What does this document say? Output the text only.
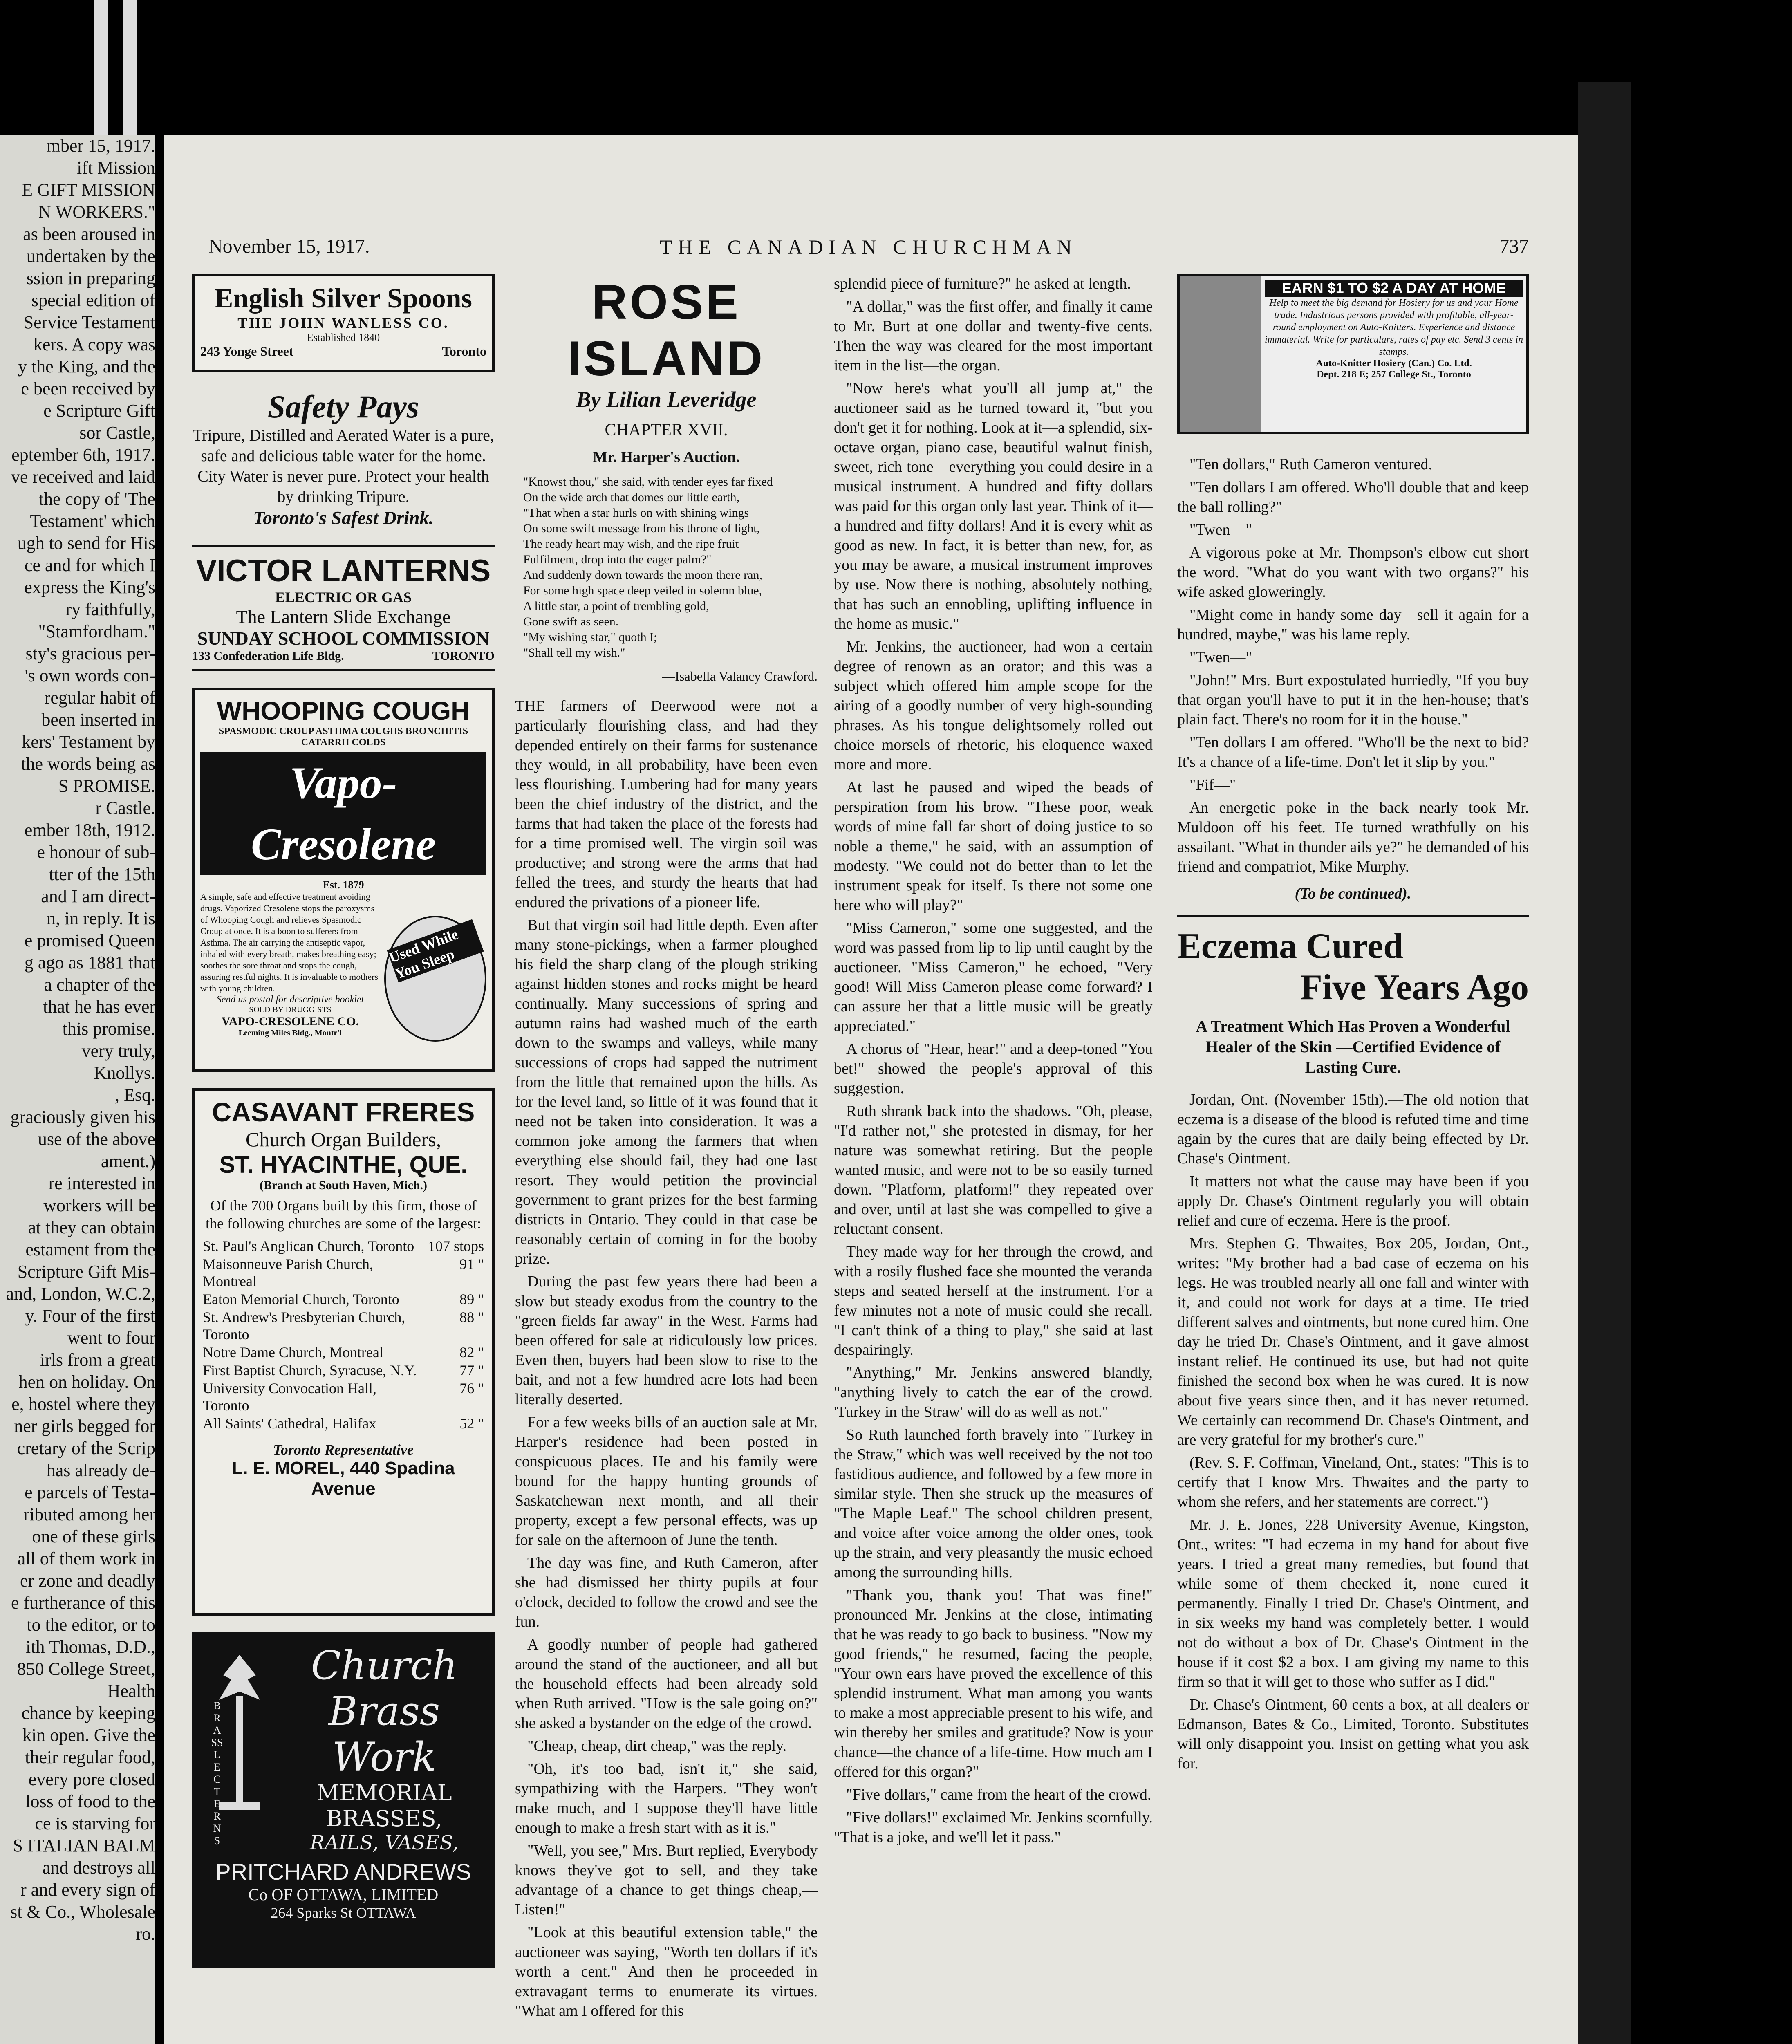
mber 15, 1917.
ift Mission
E GIFT MISSION
N WORKERS."
as been aroused in
undertaken by the
ssion in preparing
special edition of
Service Testament
kers. A copy was
y the King, and the
e been received by
e Scripture Gift
sor Castle,
eptember 6th, 1917.
ve received and laid
the copy of 'The
Testament' which
ugh to send for His
ce and for which I
express the King's
ry faithfully,
"Stamfordham."
sty's gracious per-
's own words con-
regular habit of
been inserted in
kers' Testament by
the words being as
S PROMISE.
r Castle.
ember 18th, 1912.
e honour of sub-
tter of the 15th
and I am direct-
n, in reply. It is
e promised Queen
g ago as 1881 that
a chapter of the
that he has ever
this promise.
very truly,
Knollys.
, Esq.
graciously given his
use of the above
ament.)
re interested in
workers will be
at they can obtain
estament from the
Scripture Gift Mis-
and, London, W.C.2,
y. Four of the first
went to four
irls from a great
hen on holiday. On
e, hostel where they
ner girls begged for
cretary of the Scrip
has already de-
e parcels of Testa-
ributed among her
one of these girls
all of them work in
er zone and deadly
e furtherance of this
to the editor, or to
ith Thomas, D.D.,
850 College Street,
Health
chance by keeping
kin open. Give the
their regular food,
every pore closed
loss of food to the
ce is starving for
S ITALIAN BALM
and destroys all
r and every sign of
st & Co., Wholesale
ro.
November 15, 1917.	THE CANADIAN CHURCHMAN	737
English Silver Spoons
THE JOHN WANLESS CO.
Established 1840
243 Yonge Street	Toronto
Safety Pays
Tripure, Distilled and Aerated Water is a pure, safe and delicious table water for the home. City Water is never pure. Protect your health by drinking Tripure.
Toronto's Safest Drink.
VICTOR LANTERNS
ELECTRIC OR GAS
The Lantern Slide Exchange
SUNDAY SCHOOL COMMISSION
133 Confederation Life Bldg.	TORONTO
WHOOPING COUGH
SPASMODIC CROUP ASTHMA COUGHS BRONCHITIS CATARRH COLDS
24
Vapo-Cresolene
Est. 1879
A simple, safe and effective treatment avoiding drugs. Vaporized Cresolene stops the paroxysms of Whooping Cough and relieves Spasmodic Croup at once. It is a boon to sufferers from Asthma. The air carrying the antiseptic vapor, inhaled with every breath, makes breathing easy; soothes the sore throat and stops the cough, assuring restful nights. It is invaluable to mothers with young children.
Send us postal for descriptive booklet
SOLD BY DRUGGISTS
VAPO-CRESOLENE CO.
Leeming Miles Bldg., Montr'l
Used While You Sleep
CASAVANT FRERES
Church Organ Builders,
ST. HYACINTHE, QUE.
(Branch at South Haven, Mich.)
Of the 700 Organs built by this firm, those of the following churches are some of the largest:
St. Paul's Anglican Church, Toronto	107 stops
Maisonneuve Parish Church, Montreal	91 "
Eaton Memorial Church, Toronto	89 "
St. Andrew's Presbyterian Church, Toronto	88 "
Notre Dame Church, Montreal	82 "
First Baptist Church, Syracuse, N.Y.	77 "
University Convocation Hall, Toronto	76 "
All Saints' Cathedral, Halifax	52 "
Toronto Representative
L. E. MOREL, 440 Spadina Avenue
BRASS LECTERNS
Church
Brass
Work
MEMORIAL
BRASSES,
RAILS, VASES,
PRITCHARD ANDREWS
Co OF OTTAWA, LIMITED
264 Sparks St OTTAWA
ROSE ISLAND
By Lilian Leveridge
CHAPTER XVII.
Mr. Harper's Auction.
"Knowst thou," she said, with tender eyes far fixed
On the wide arch that domes our little earth,
"That when a star hurls on with shining wings
On some swift message from his throne of light,
The ready heart may wish, and the ripe fruit
Fulfilment, drop into the eager palm?"
And suddenly down towards the moon there ran,
For some high space deep veiled in solemn blue,
A little star, a point of trembling gold,
Gone swift as seen.
"My wishing star," quoth I;
"Shall tell my wish."
—Isabella Valancy Crawford.

THE farmers of Deerwood were not a particularly flourishing class, and had they depended entirely on their farms for sustenance they would, in all probability, have been even less flourishing. Lumbering had for many years been the chief industry of the district, and the farms that had taken the place of the forests had for a time promised well. The virgin soil was productive; and strong were the arms that had felled the trees, and sturdy the hearts that had endured the privations of a pioneer life.

But that virgin soil had little depth. Even after many stone-pickings, when a farmer ploughed his field the sharp clang of the plough striking against hidden stones and rocks might be heard continually. Many successions of spring and autumn rains had washed much of the earth down to the swamps and valleys, while many successions of crops had sapped the nutriment from the little that remained upon the hills. As for the level land, so little of it was found that it need not be taken into consideration. It was a common joke among the farmers that when everything else should fail, they had one last resort. They would petition the provincial government to grant prizes for the best farming districts in Ontario. They could in that case be reasonably certain of coming in for the booby prize.

During the past few years there had been a slow but steady exodus from the country to the "green fields far away" in the West. Farms had been offered for sale at ridiculously low prices. Even then, buyers had been slow to rise to the bait, and not a few hundred acre lots had been literally deserted.

For a few weeks bills of an auction sale at Mr. Harper's residence had been posted in conspicuous places. He and his family were bound for the happy hunting grounds of Saskatchewan next month, and all their property, except a few personal effects, was up for sale on the afternoon of June the tenth.

The day was fine, and Ruth Cameron, after she had dismissed her thirty pupils at four o'clock, decided to follow the crowd and see the fun.

A goodly number of people had gathered around the stand of the auctioneer, and all but the household effects had been already sold when Ruth arrived. "How is the sale going on?" she asked a bystander on the edge of the crowd.

"Cheap, cheap, dirt cheap," was the reply.

"Oh, it's too bad, isn't it," she said, sympathizing with the Harpers. "They won't make much, and I suppose they'll have little enough to make a fresh start with as it is."

"Well, you see," Mrs. Burt replied, Everybody knows they've got to sell, and they take advantage of a chance to get things cheap,—Listen!"

"Look at this beautiful extension table," the auctioneer was saying, "Worth ten dollars if it's worth a cent." And then he proceeded in extravagant terms to enumerate its virtues. "What am I offered for this

splendid piece of furniture?" he asked at length.

"A dollar," was the first offer, and finally it came to Mr. Burt at one dollar and twenty-five cents. Then the way was cleared for the most important item in the list—the organ.

"Now here's what you'll all jump at," the auctioneer said as he turned toward it, "but you don't get it for nothing. Look at it—a splendid, six-octave organ, piano case, beautiful walnut finish, sweet, rich tone—everything you could desire in a musical instrument. A hundred and fifty dollars was paid for this organ only last year. Think of it—a hundred and fifty dollars! And it is every whit as good as new. In fact, it is better than new, for, as you may be aware, a musical instrument improves by use. Now there is nothing, absolutely nothing, that has such an ennobling, uplifting influence in the home as music."

Mr. Jenkins, the auctioneer, had won a certain degree of renown as an orator; and this was a subject which offered him ample scope for the airing of a goodly number of very high-sounding phrases. As his tongue delightsomely rolled out choice morsels of rhetoric, his eloquence waxed more and more.

At last he paused and wiped the beads of perspiration from his brow. "These poor, weak words of mine fall far short of doing justice to so noble a theme," he said, with an assumption of modesty. "We could not do better than to let the instrument speak for itself. Is there not some one here who will play?"

"Miss Cameron," some one suggested, and the word was passed from lip to lip until caught by the auctioneer. "Miss Cameron," he echoed, "Very good! Will Miss Cameron please come forward? I can assure her that a little music will be greatly appreciated."

A chorus of "Hear, hear!" and a deep-toned "You bet!" showed the people's approval of this suggestion.

Ruth shrank back into the shadows. "Oh, please, "I'd rather not," she protested in dismay, for her nature was somewhat retiring. But the people wanted music, and were not to be so easily turned down. "Platform, platform!" they repeated over and over, until at last she was compelled to give a reluctant consent.

They made way for her through the crowd, and with a rosily flushed face she mounted the veranda steps and seated herself at the instrument. For a few minutes not a note of music could she recall. "I can't think of a thing to play," she said at last despairingly.

"Anything," Mr. Jenkins answered blandly, "anything lively to catch the ear of the crowd. 'Turkey in the Straw' will do as well as not."

So Ruth launched forth bravely into "Turkey in the Straw," which was well received by the not too fastidious audience, and followed by a few more in similar style. Then she struck up the measures of "The Maple Leaf." The school children present, and voice after voice among the older ones, took up the strain, and very pleasantly the music echoed among the surrounding hills.

"Thank you, thank you! That was fine!" pronounced Mr. Jenkins at the close, intimating that he was ready to go back to business. "Now my good friends," he resumed, facing the people, "Your own ears have proved the excellence of this splendid instrument. What man among you wants to make a most appreciable present to his wife, and win thereby her smiles and gratitude? Now is your chance—the chance of a life-time. How much am I offered for this organ?"

"Five dollars," came from the heart of the crowd.

"Five dollars!" exclaimed Mr. Jenkins scornfully. "That is a joke, and we'll let it pass."

EARN $1 TO $2 A DAY AT HOME
Help to meet the big demand for Hosiery for us and your Home trade. Industrious persons provided with profitable, all-year-round employment on Auto-Knitters. Experience and distance immaterial. Write for particulars, rates of pay etc. Send 3 cents in stamps.
Auto-Knitter Hosiery (Can.) Co. Ltd.
Dept. 218 E; 257 College St., Toronto

"Ten dollars," Ruth Cameron ventured.

"Ten dollars I am offered. Who'll double that and keep the ball rolling?"

"Twen—"

A vigorous poke at Mr. Thompson's elbow cut short the word. "What do you want with two organs?" his wife asked gloweringly.

"Might come in handy some day—sell it again for a hundred, maybe," was his lame reply.

"Twen—"

"John!" Mrs. Burt expostulated hurriedly, "If you buy that organ you'll have to put it in the hen-house; that's plain fact. There's no room for it in the house."

"Ten dollars I am offered. "Who'll be the next to bid? It's a chance of a life-time. Don't let it slip by you."

"Fif—"

An energetic poke in the back nearly took Mr. Muldoon off his feet. He turned wrathfully on his assailant. "What in thunder ails ye?" he demanded of his friend and compatriot, Mike Murphy.

(To be continued).
Eczema Cured
Five Years Ago
A Treatment Which Has Proven a Wonderful Healer of the Skin —Certified Evidence of Lasting Cure.

Jordan, Ont. (November 15th).—The old notion that eczema is a disease of the blood is refuted time and time again by the cures that are daily being effected by Dr. Chase's Ointment.

It matters not what the cause may have been if you apply Dr. Chase's Ointment regularly you will obtain relief and cure of eczema. Here is the proof.

Mrs. Stephen G. Thwaites, Box 205, Jordan, Ont., writes: "My brother had a bad case of eczema on his legs. He was troubled nearly all one fall and winter with it, and could not work for days at a time. He tried different salves and ointments, but none cured him. One day he tried Dr. Chase's Ointment, and it gave almost instant relief. He continued its use, but had not quite finished the second box when he was cured. It is now about five years since then, and it has never returned. We certainly can recommend Dr. Chase's Ointment, and are very grateful for my brother's cure."

(Rev. S. F. Coffman, Vineland, Ont., states: "This is to certify that I know Mrs. Thwaites and the party to whom she refers, and her statements are correct.")

Mr. J. E. Jones, 228 University Avenue, Kingston, Ont., writes: "I had eczema in my hand for about five years. I tried a great many remedies, but found that while some of them checked it, none cured it permanently. Finally I tried Dr. Chase's Ointment, and in six weeks my hand was completely better. I would not do without a box of Dr. Chase's Ointment in the house if it cost $2 a box. I am giving my name to this firm so that it will get to those who suffer as I did."

Dr. Chase's Ointment, 60 cents a box, at all dealers or Edmanson, Bates & Co., Limited, Toronto. Substitutes will only disappoint you. Insist on getting what you ask for.
